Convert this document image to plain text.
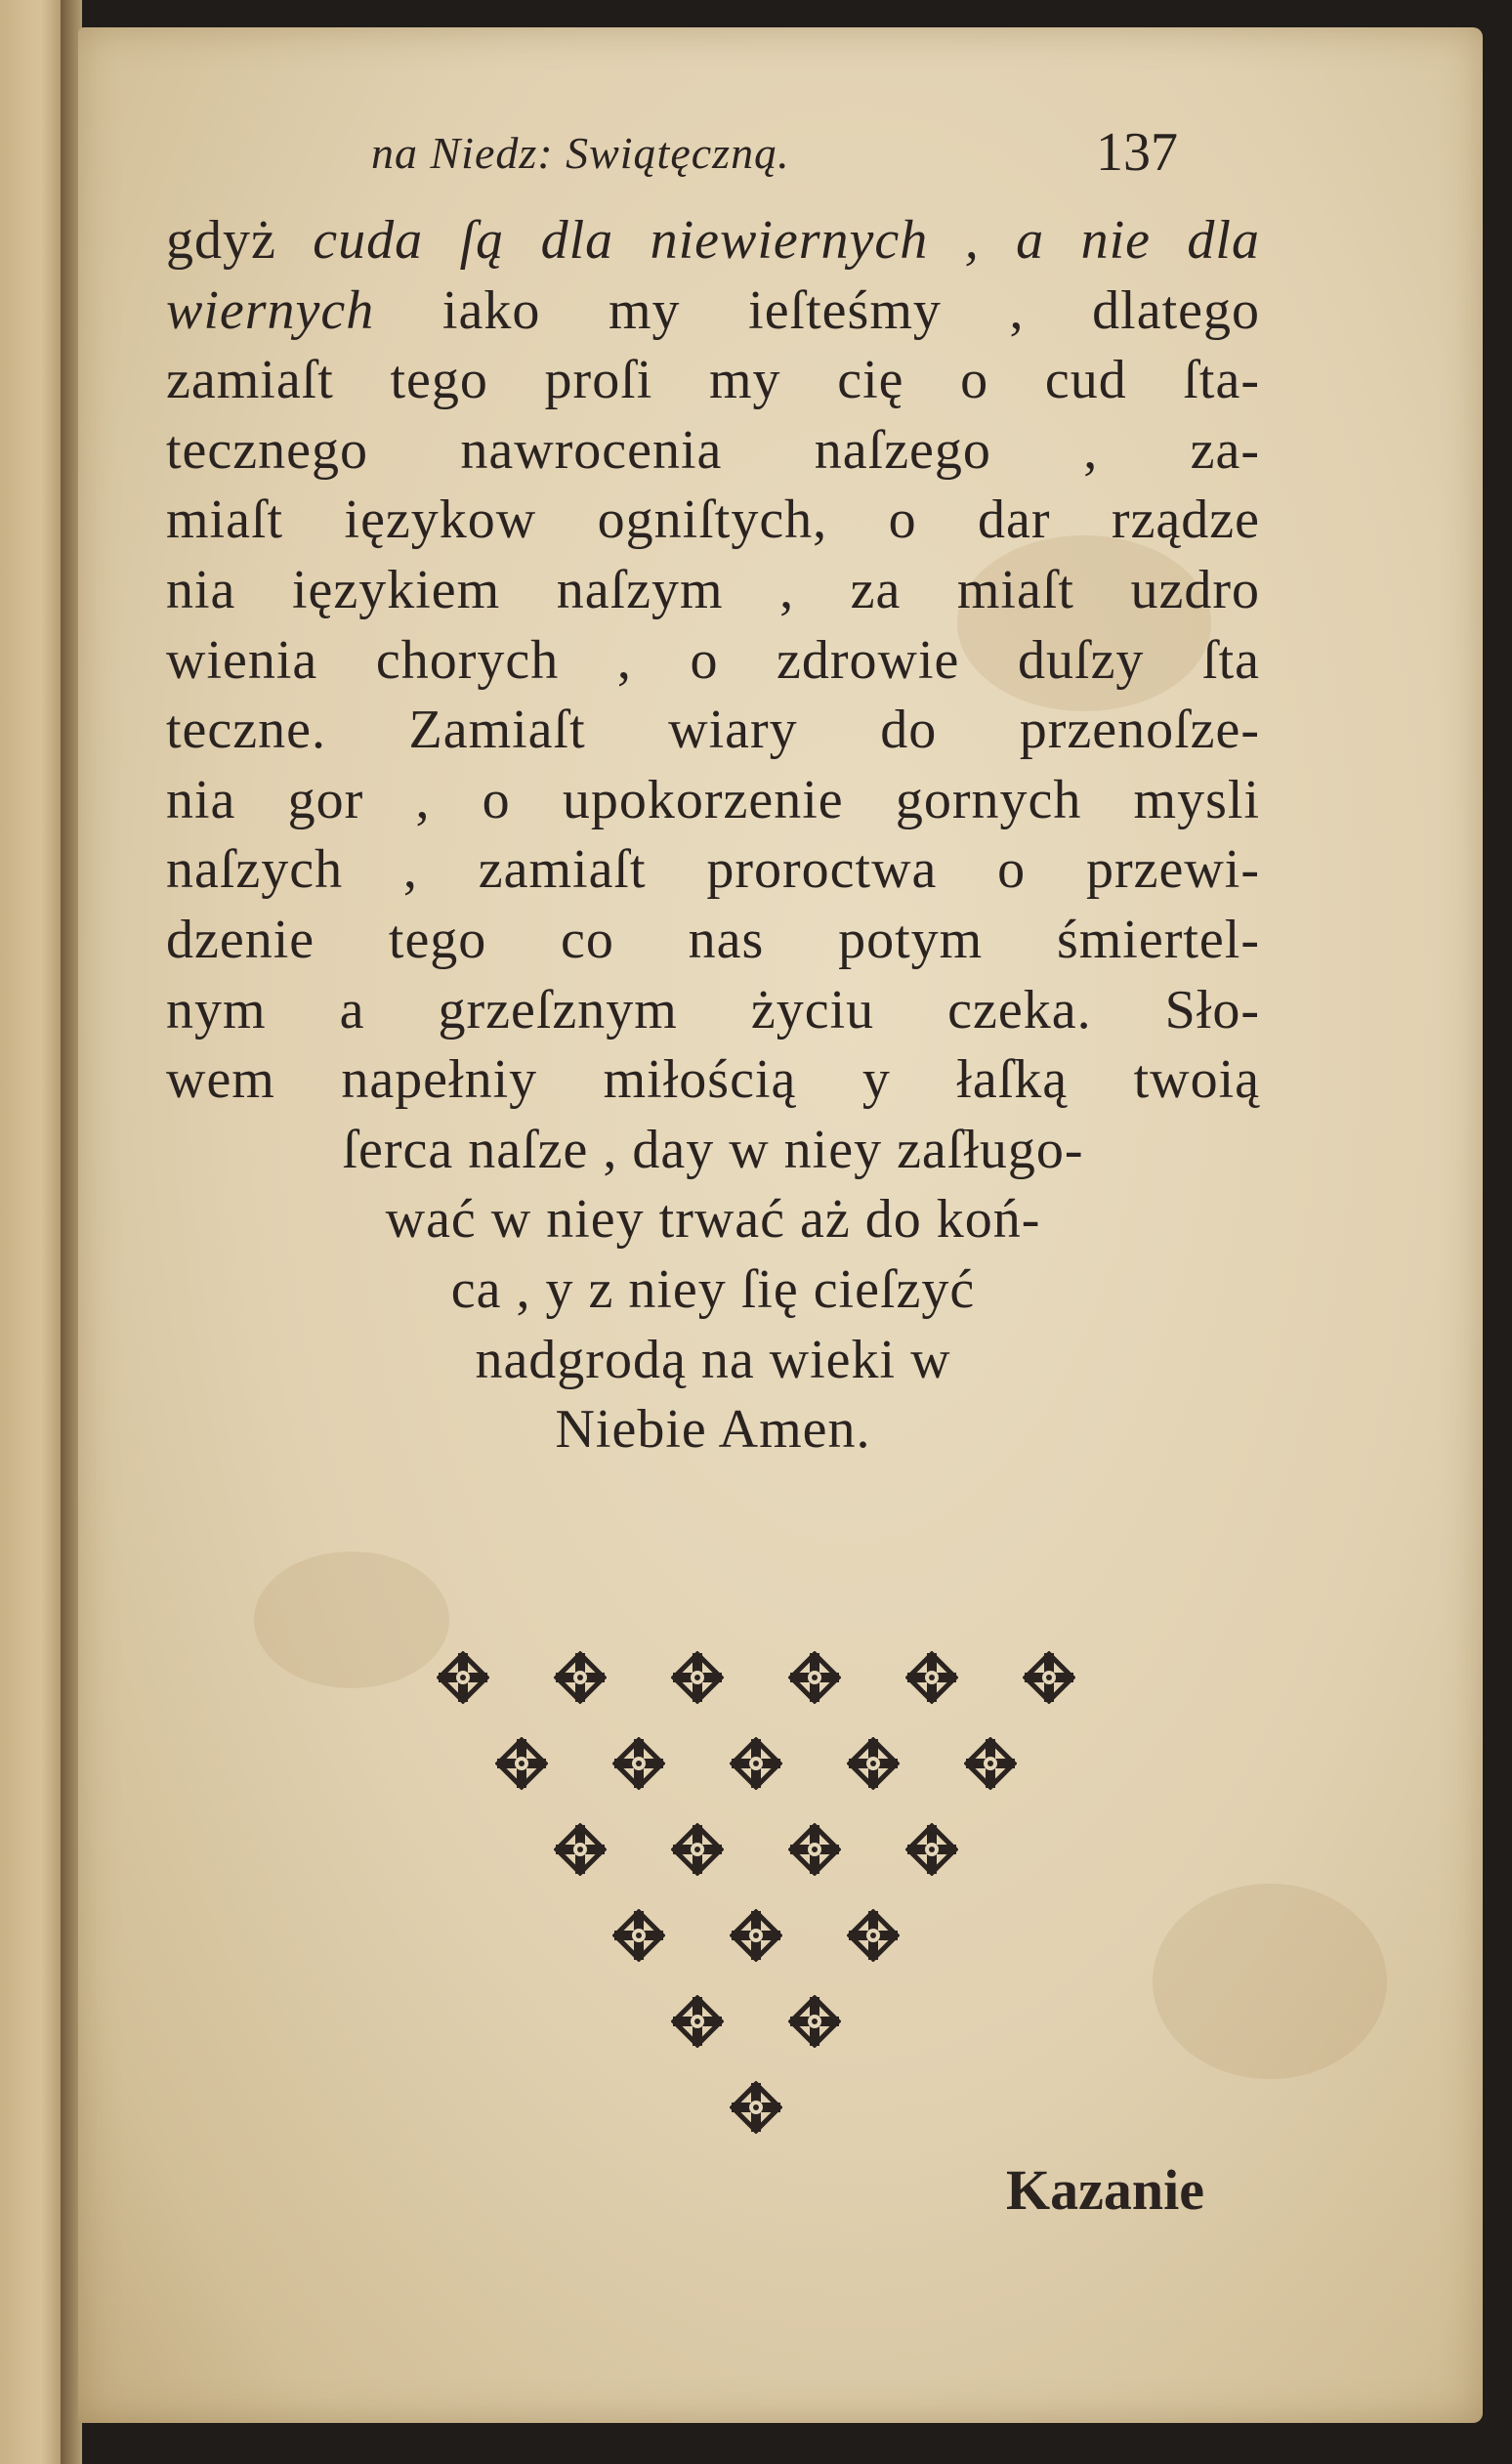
na Niedz: Swiątęczną.	137
gdyż cuda ſą dla niewiernych , a nie dla
wiernych iako my ieſteśmy , dlatego
zamiaſt tego proſi my cię o cud ſta-
tecznego nawrocenia naſzego , za-
miaſt ięzykow ogniſtych, o dar rządze
nia ięzykiem naſzym , za miaſt uzdro
wienia chorych , o zdrowie duſzy ſta
teczne. Zamiaſt wiary do przenoſze-
nia gor , o upokorzenie gornych mysli
naſzych , zamiaſt proroctwa o przewi-
dzenie tego co nas potym śmiertel-
nym a grzeſznym życiu czeka. Sło-
wem napełniy miłością y łaſką twoią
ſerca naſze , day w niey zaſługo-
wać w niey trwać aż do koń-
ca , y z niey ſię cieſzyć
nadgrodą na wieki w
Niebie Amen.
Kazanie
